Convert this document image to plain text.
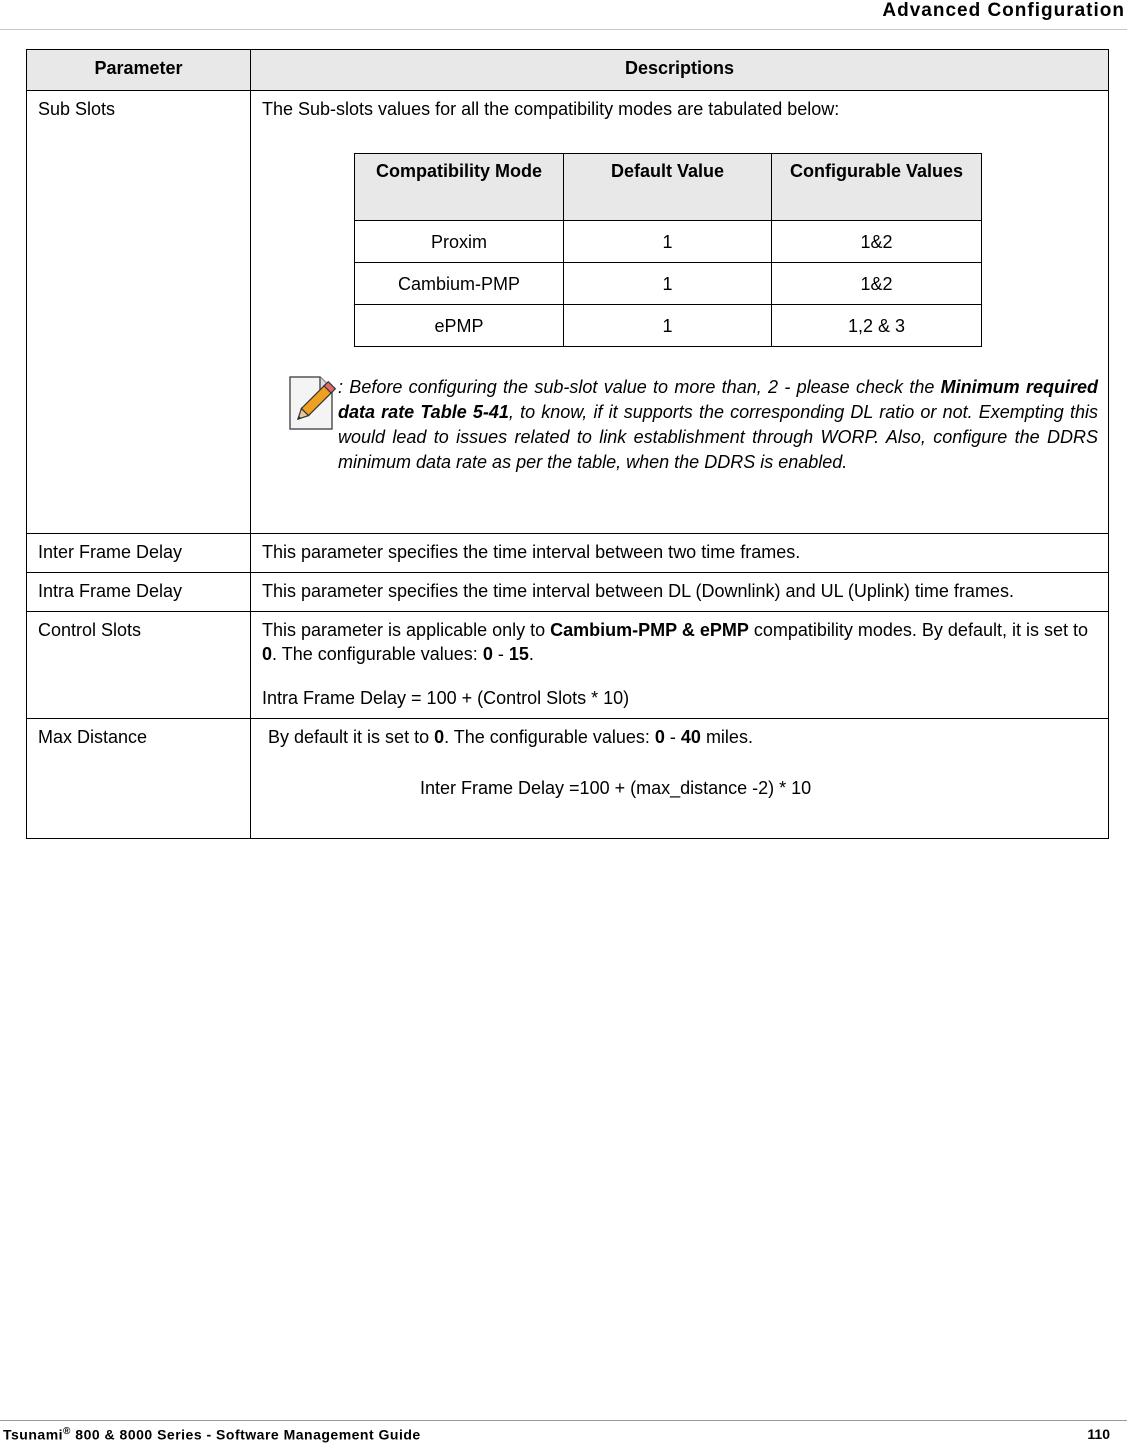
Advanced Configuration
Parameter	Descriptions
Sub Slots	The Sub-slots values for all the compatibility modes are tabulated below:
Compatibility Mode	Default Value	Configurable Values
Proxim	1	1&2
Cambium-PMP	1	1&2
ePMP	1	1,2 & 3
: Before configuring the sub-slot value to more than, 2 - please check the Minimum required data rate Table 5-41, to know, if it supports the corresponding DL ratio or not. Exempting this would lead to issues related to link establishment through WORP. Also, configure the DDRS minimum data rate as per the table, when the DDRS is enabled.

Inter Frame Delay	This parameter specifies the time interval between two time frames.
Intra Frame Delay	This parameter specifies the time interval between DL (Downlink) and UL (Uplink) time frames.
Control Slots	This parameter is applicable only to Cambium-PMP & ePMP compatibility modes. By default, it is set to 0. The configurable values: 0 - 15.
Intra Frame Delay = 100 + (Control Slots * 10)

Max Distance	By default it is set to 0. The configurable values: 0 - 40 miles.
Inter Frame Delay =100 + (max_distance -2) * 10
Tsunami® 800 & 8000 Series - Software Management Guide	110
